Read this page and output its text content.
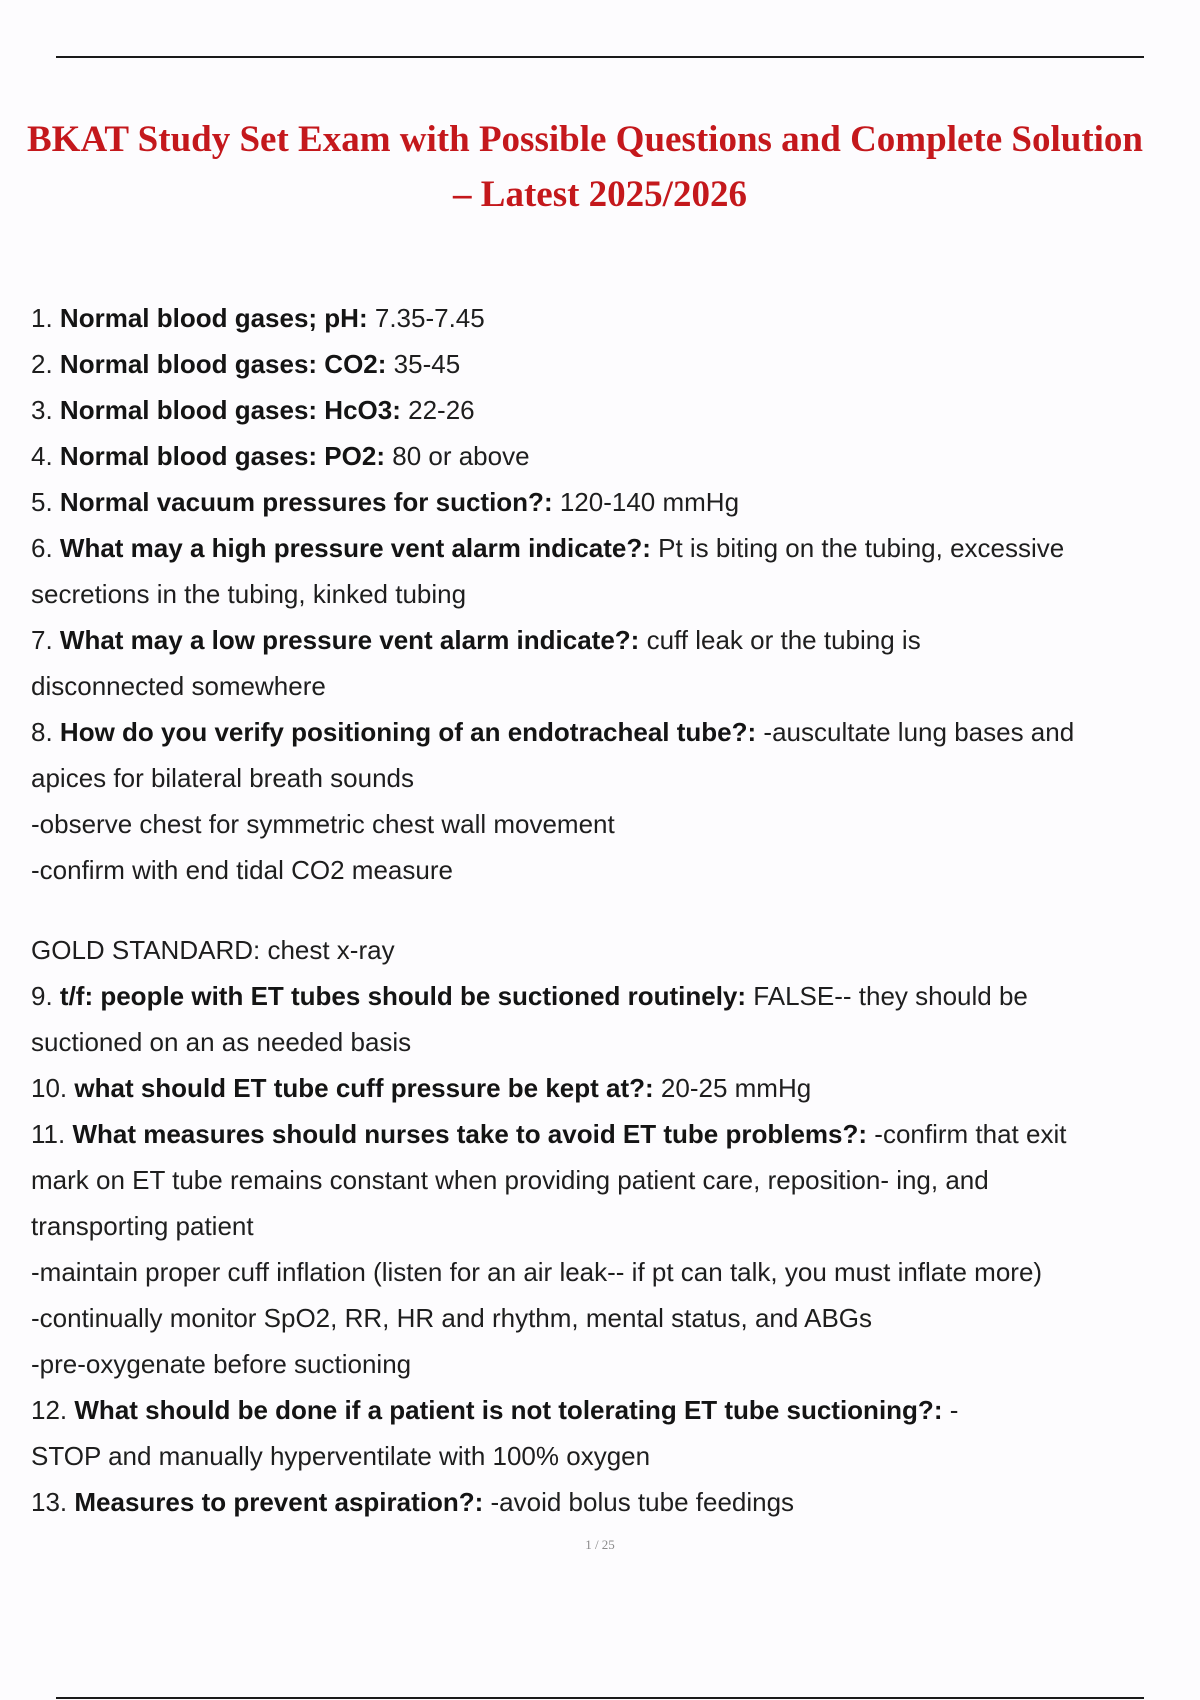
BKAT Study Set Exam with Possible Questions and Complete Solution
– Latest 2025/2026

1. Normal blood gases; pH: 7.35-7.45

2. Normal blood gases: CO2: 35-45

3. Normal blood gases: HcO3: 22-26

4. Normal blood gases: PO2: 80 or above

5. Normal vacuum pressures for suction?: 120-140 mmHg

6. What may a high pressure vent alarm indicate?: Pt is biting on the tubing, excessive

secretions in the tubing, kinked tubing

7. What may a low pressure vent alarm indicate?: cuff leak or the tubing is

disconnected somewhere

8. How do you verify positioning of an endotracheal tube?: -auscultate lung bases and

apices for bilateral breath sounds

-observe chest for symmetric chest wall movement

-confirm with end tidal CO2 measure

GOLD STANDARD: chest x-ray

9. t/f: people with ET tubes should be suctioned routinely: FALSE-- they should be

suctioned on an as needed basis

10. what should ET tube cuff pressure be kept at?: 20-25 mmHg

11. What measures should nurses take to avoid ET tube problems?: -confirm that exit

mark on ET tube remains constant when providing patient care, reposition- ing, and

transporting patient

-maintain proper cuff inflation (listen for an air leak-- if pt can talk, you must inflate more)

-continually monitor SpO2, RR, HR and rhythm, mental status, and ABGs

-pre-oxygenate before suctioning

12. What should be done if a patient is not tolerating ET tube suctioning?: -

STOP and manually hyperventilate with 100% oxygen

13. Measures to prevent aspiration?: -avoid bolus tube feedings

1 / 25
